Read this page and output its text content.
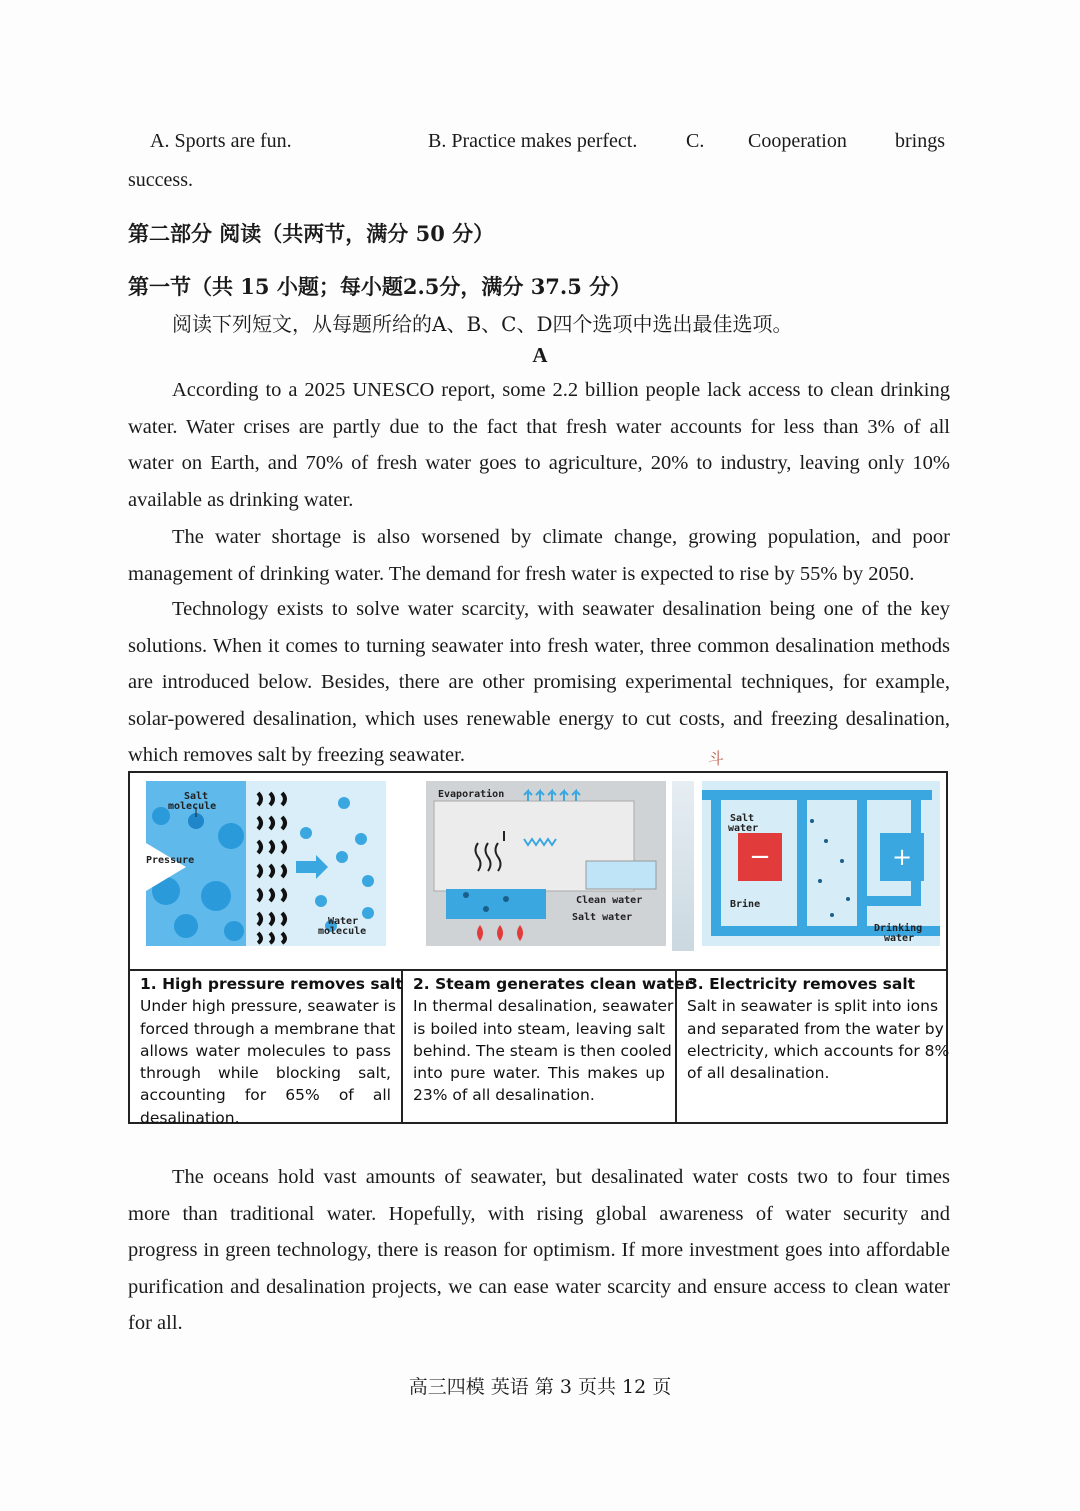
A. Sports are fun.	B. Practice makes perfect. C. Cooperation brings
success.
第二部分 阅读（共两节，满分 50 分）
第一节（共 15 小题；每小题2.5分，满分 37.5 分）
阅读下列短文，从每题所给的A、B、C、D四个选项中选出最佳选项。
A
According to a 2025 UNESCO report, some 2.2 billion people lack access to clean drinking
water. Water crises are partly due to the fact that fresh water accounts for less than 3% of all
water on Earth, and 70% of fresh water goes to agriculture, 20% to industry, leaving only 10%
available as drinking water.
The water shortage is also worsened by climate change, growing population, and poor
management of drinking water. The demand for fresh water is expected to rise by 55% by 2050.
Technology exists to solve water scarcity, with seawater desalination being one of the key
solutions. When it comes to turning seawater into fresh water, three common desalination methods
are introduced below. Besides, there are other promising experimental techniques, for example,
solar-powered desalination, which uses renewable energy to cut costs, and freezing desalination,
which removes salt by freezing seawater.	斗
Salt
molecule
Pressure
Water
molecule
Evaporation
Clean water
Salt water
−	+
Salt
water
Brine
Drinking
water
1. High pressure removes salt
Under high pressure, seawater is
forced through a membrane that
allows water molecules to pass
through while blocking salt,
accounting for 65% of all
desalination.
2. Steam generates clean water
In thermal desalination, seawater
is boiled into steam, leaving salt
behind. The steam is then cooled
into pure water. This makes up
23% of all desalination.
3. Electricity removes salt
Salt in seawater is split into ions
and separated from the water by
electricity, which accounts for 8%
of all desalination.
The oceans hold vast amounts of seawater, but desalinated water costs two to four times
more than traditional water. Hopefully, with rising global awareness of water security and
progress in green technology, there is reason for optimism. If more investment goes into affordable
purification and desalination projects, we can ease water scarcity and ensure access to clean water
for all.
高三四模 英语 第 3 页共 12 页
